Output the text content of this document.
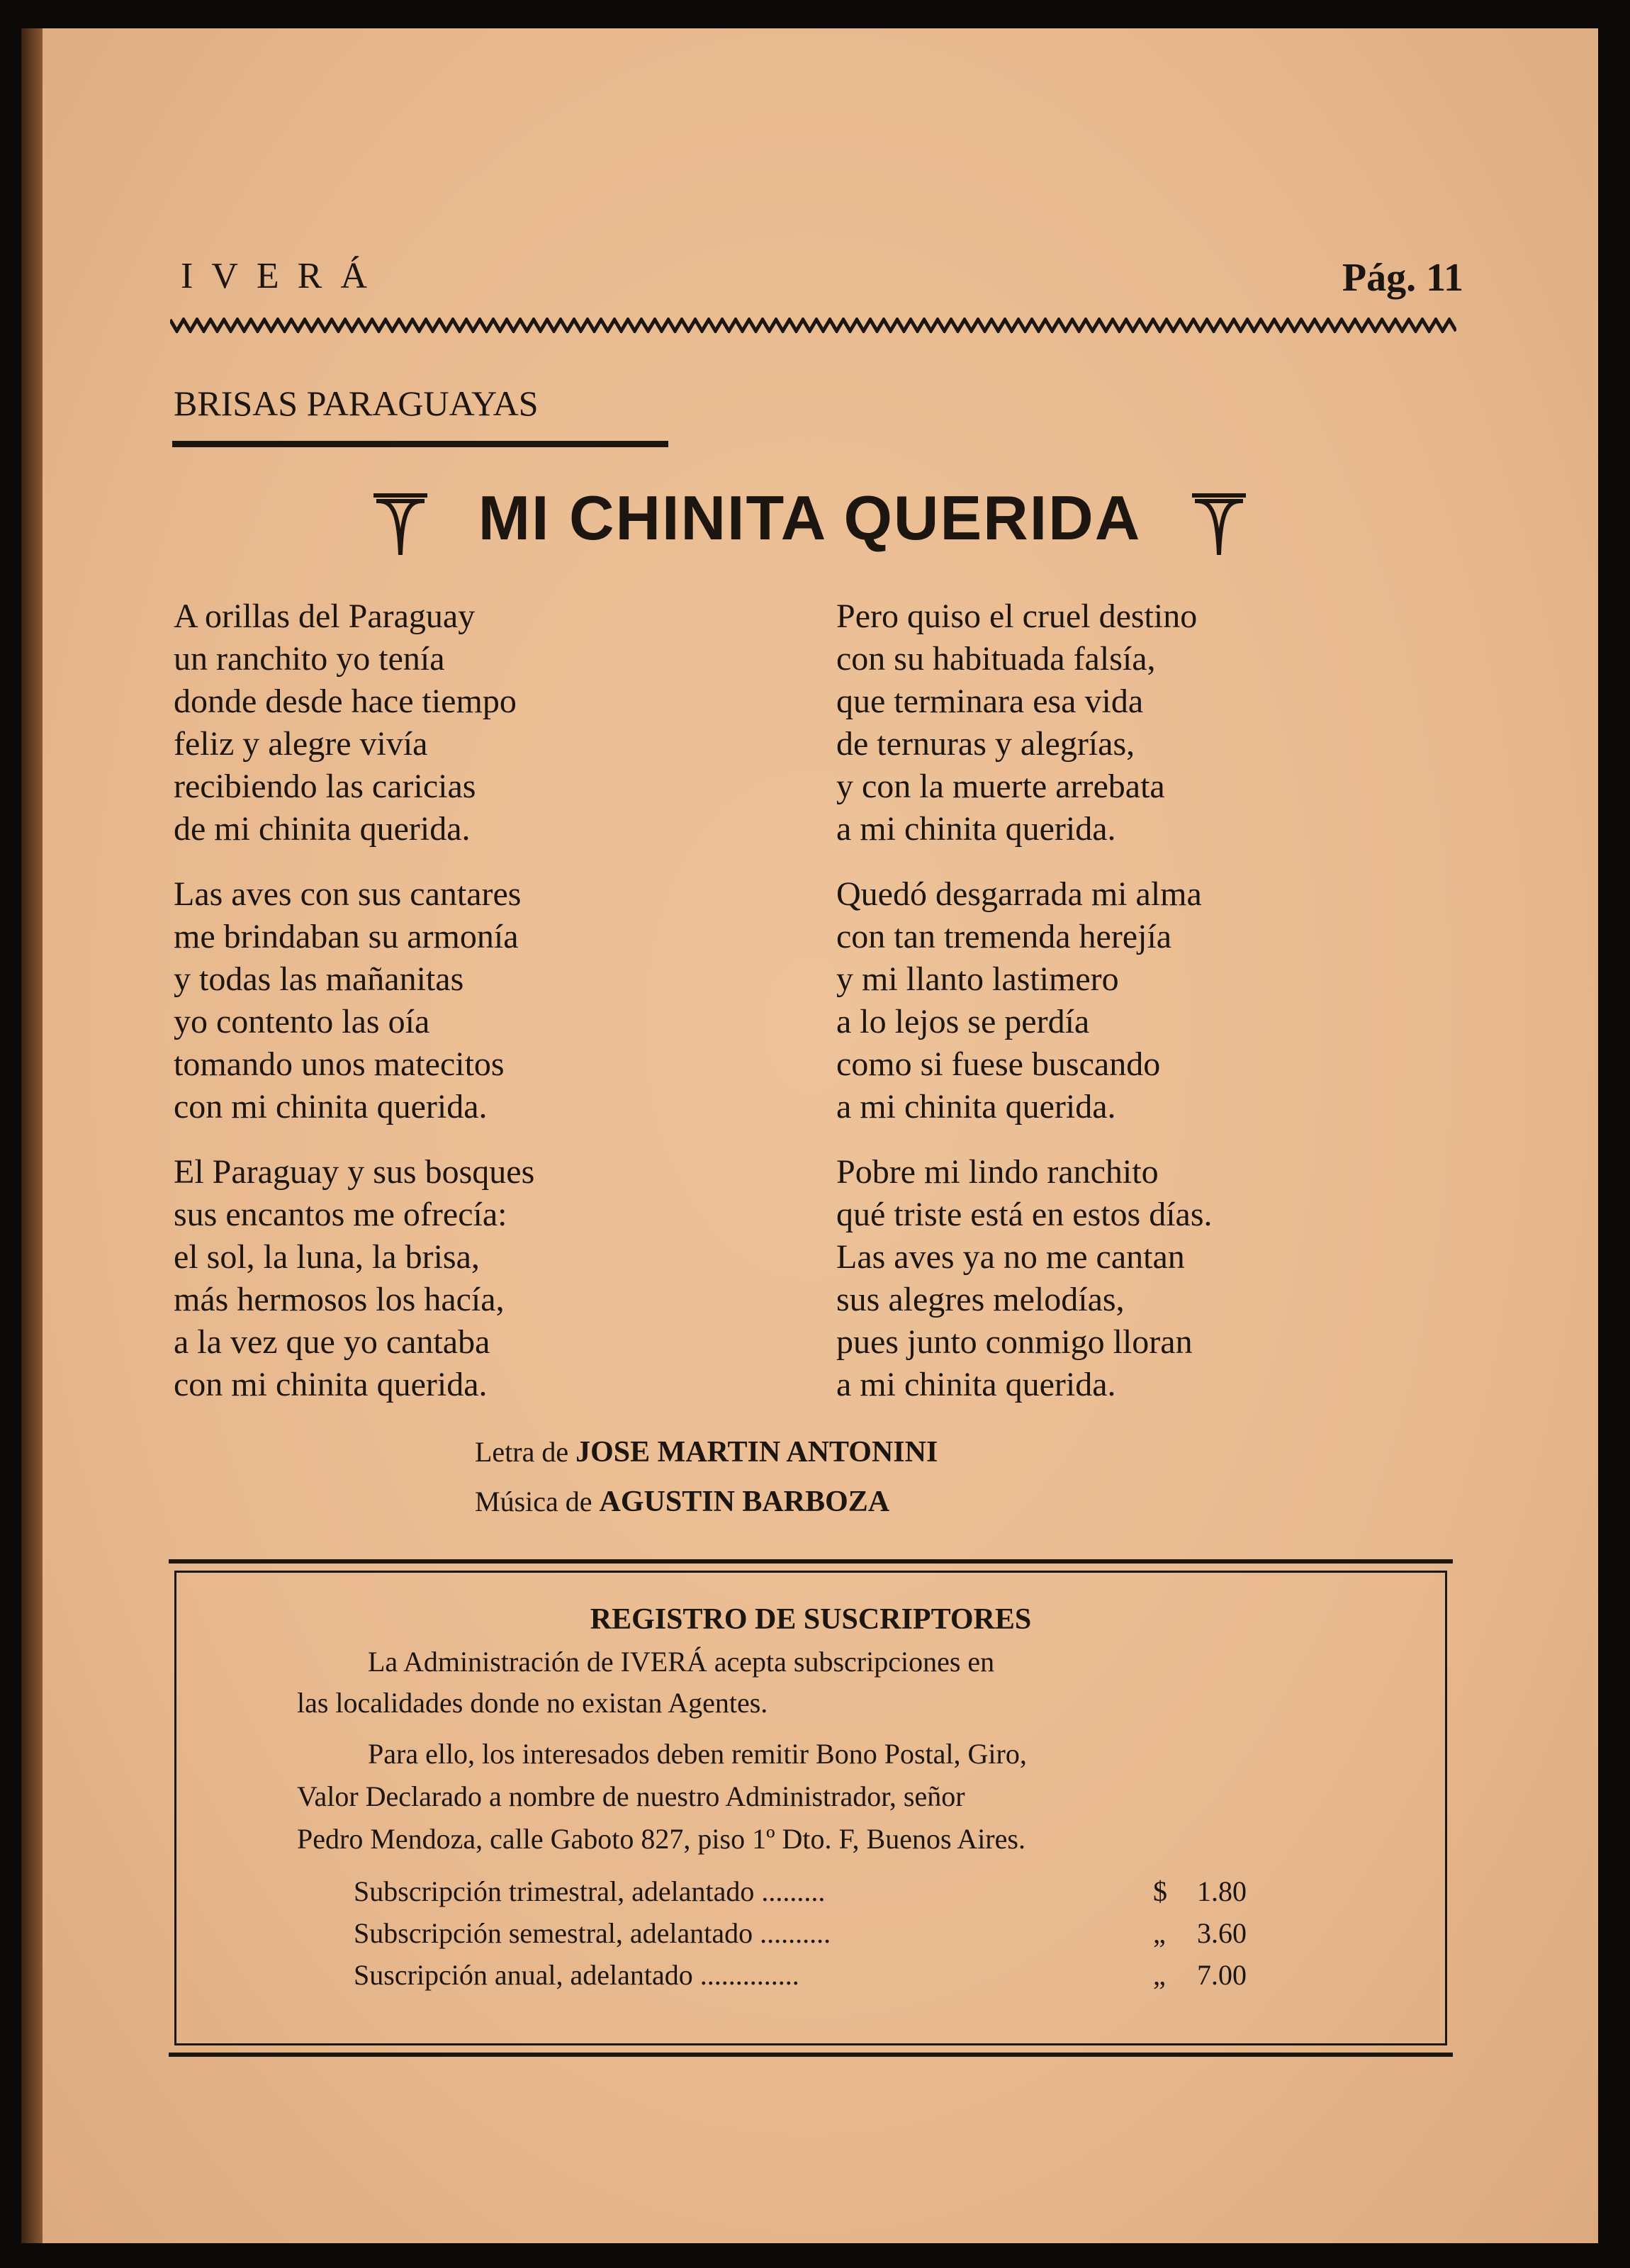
IVERÁ	Pág. 11
BRISAS PARAGUAYAS
MI CHINITA QUERIDA

A orillas del Paraguay
un ranchito yo tenía
donde desde hace tiempo
feliz y alegre vivía
recibiendo las caricias
de mi chinita querida.

Las aves con sus cantares
me brindaban su armonía
y todas las mañanitas
yo contento las oía
tomando unos matecitos
con mi chinita querida.

El Paraguay y sus bosques
sus encantos me ofrecía:
el sol, la luna, la brisa,
más hermosos los hacía,
a la vez que yo cantaba
con mi chinita querida.

Pero quiso el cruel destino
con su habituada falsía,
que terminara esa vida
de ternuras y alegrías,
y con la muerte arrebata
a mi chinita querida.

Quedó desgarrada mi alma
con tan tremenda herejía
y mi llanto lastimero
a lo lejos se perdía
como si fuese buscando
a mi chinita querida.

Pobre mi lindo ranchito
qué triste está en estos días.
Las aves ya no me cantan
sus alegres melodías,
pues junto conmigo lloran
a mi chinita querida.

Letra de JOSE MARTIN ANTONINI
Música de AGUSTIN BARBOZA
REGISTRO DE SUSCRIPTORES
La Administración de IVERÁ acepta subscripciones en
las localidades donde no existan Agentes.
Para ello, los interesados deben remitir Bono Postal, Giro,
Valor Declarado a nombre de nuestro Administrador, señor
Pedro Mendoza, calle Gaboto 827, piso 1º Dto. F, Buenos Aires.
Subscripción trimestral, adelantado .........	$ 1.80
Subscripción semestral, adelantado ..........	„ 3.60
Suscripción anual, adelantado ..............	„ 7.00
